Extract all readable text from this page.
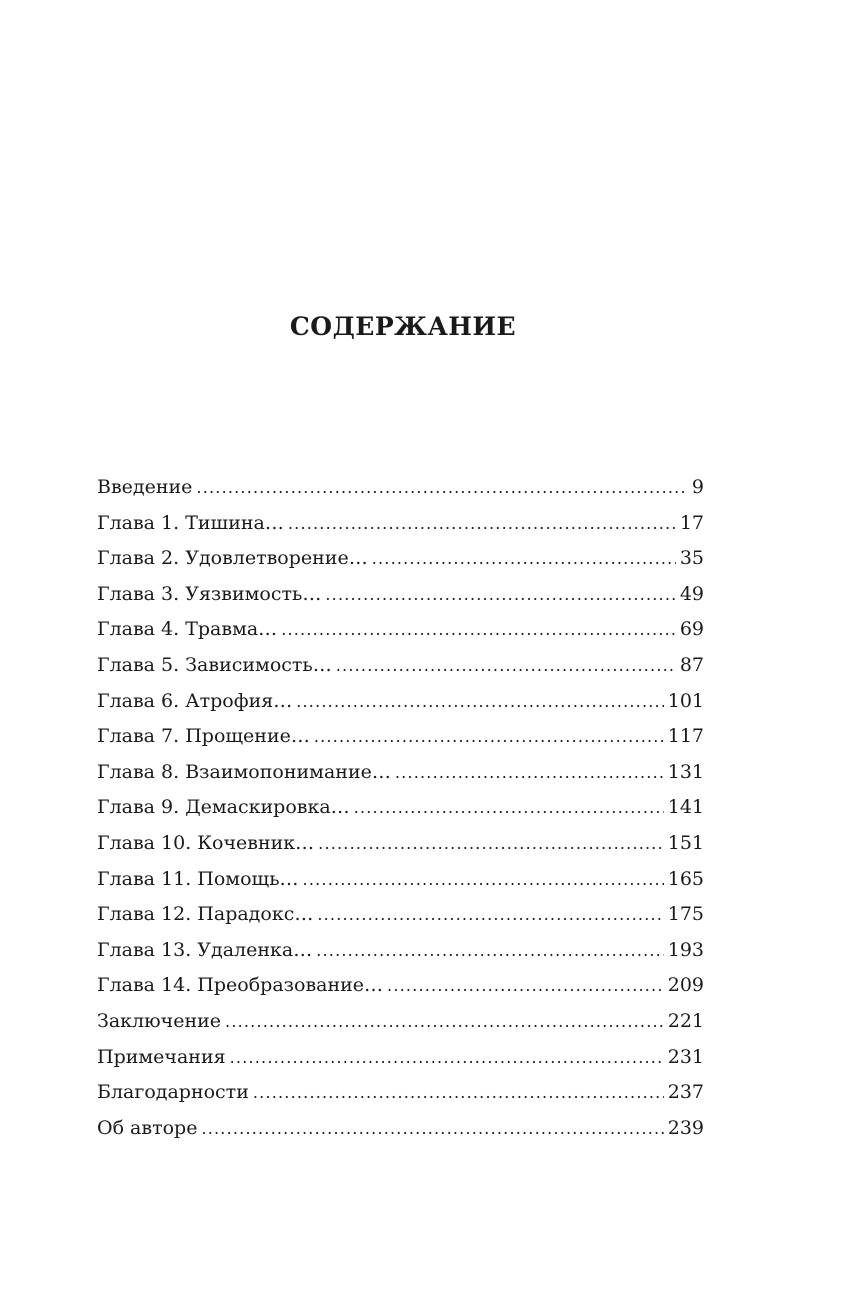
СОДЕРЖАНИЕ
Введение .....	9
Глава 1. Тишина… .....	17
Глава 2. Удовлетворение… .....	35
Глава 3. Уязвимость… .....	49
Глава 4. Травма… .....	69
Глава 5. Зависимость… .....	87
Глава 6. Атрофия… .....	101
Глава 7. Прощение… .....	117
Глава 8. Взаимопонимание… .....	131
Глава 9. Демаскировка… .....	141
Глава 10. Кочевник… .....	151
Глава 11. Помощь… .....	165
Глава 12. Парадокс… .....	175
Глава 13. Удаленка… .....	193
Глава 14. Преобразование… .....	209
Заключение .....	221
Примечания .....	231
Благодарности .....	237
Об авторе .....	239
